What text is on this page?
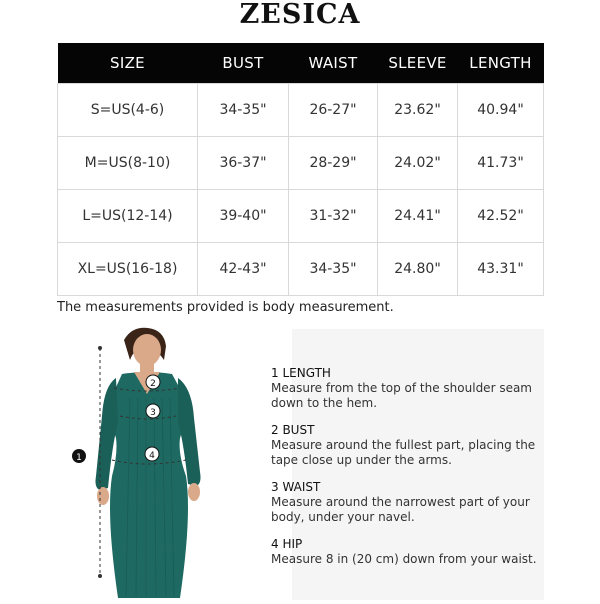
ZESICA
SIZE	BUST	WAIST	SLEEVE	LENGTH
S=US(4-6)	34-35"	26-27"	23.62"	40.94"
M=US(8-10)	36-37"	28-29"	24.02"	41.73"
L=US(12-14)	39-40"	31-32"	24.41"	42.52"
XL=US(16-18)	42-43"	34-35"	24.80"	43.31"
The measurements provided is body measurement.
1
2
3
4
1 LENGTH
Measure from the top of the shoulder seam down to the hem.
2 BUST
Measure around the fullest part, placing the tape close up under the arms.
3 WAIST
Measure around the narrowest part of your body, under your navel.
4 HIP
Measure 8 in (20 cm) down from your waist.
